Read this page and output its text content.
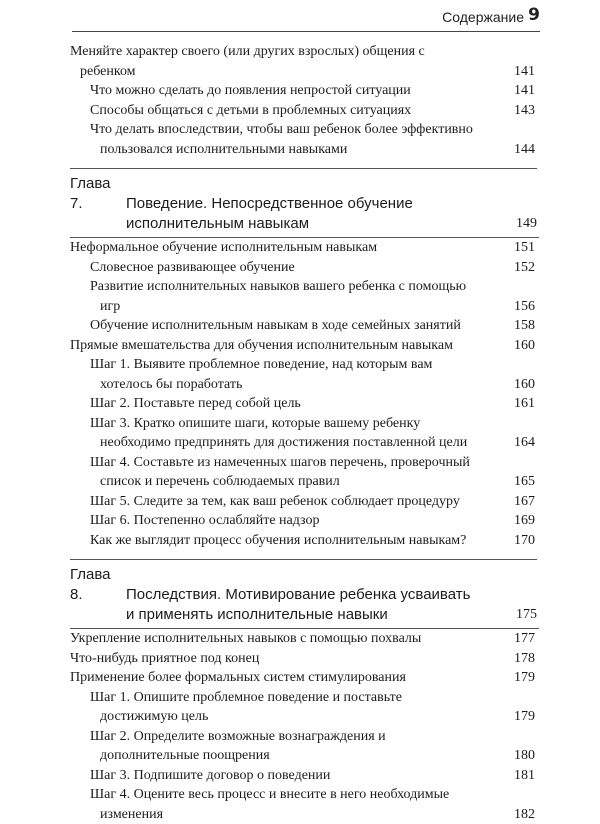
Содержание 9
Меняйте характер своего (или других взрослых) общения с ребенком	141
Что можно сделать до появления непростой ситуации	141
Способы общаться с детьми в проблемных ситуациях	143
Что делать впоследствии, чтобы ваш ребенок более эффективно пользовался исполнительными навыками	144
Глава 7.	Поведение. Непосредственное обучение
исполнительным навыкам	149
Неформальное обучение исполнительным навыкам	151
Словесное развивающее обучение	152
Развитие исполнительных навыков вашего ребенка с помощью игр	156
Обучение исполнительным навыкам в ходе семейных занятий	158
Прямые вмешательства для обучения исполнительным навыкам	160
Шаг 1. Выявите проблемное поведение, над которым вам хотелось бы поработать	160
Шаг 2. Поставьте перед собой цель	161
Шаг 3. Кратко опишите шаги, которые вашему ребенку необходимо предпринять для достижения поставленной цели	164
Шаг 4. Составьте из намеченных шагов перечень, проверочный список и перечень соблюдаемых правил	165
Шаг 5. Следите за тем, как ваш ребенок соблюдает процедуру	167
Шаг 6. Постепенно ослабляйте надзор	169
Как же выглядит процесс обучения исполнительным навыкам?	170
Глава 8.	Последствия. Мотивирование ребенка усваивать
и применять исполнительные навыки	175
Укрепление исполнительных навыков с помощью похвалы	177
Что-нибудь приятное под конец	178
Применение более формальных систем стимулирования	179
Шаг 1. Опишите проблемное поведение и поставьте достижимую цель	179
Шаг 2. Определите возможные вознаграждения и дополнительные поощрения	180
Шаг 3. Подпишите договор о поведении	181
Шаг 4. Оцените весь процесс и внесите в него необходимые изменения	182
